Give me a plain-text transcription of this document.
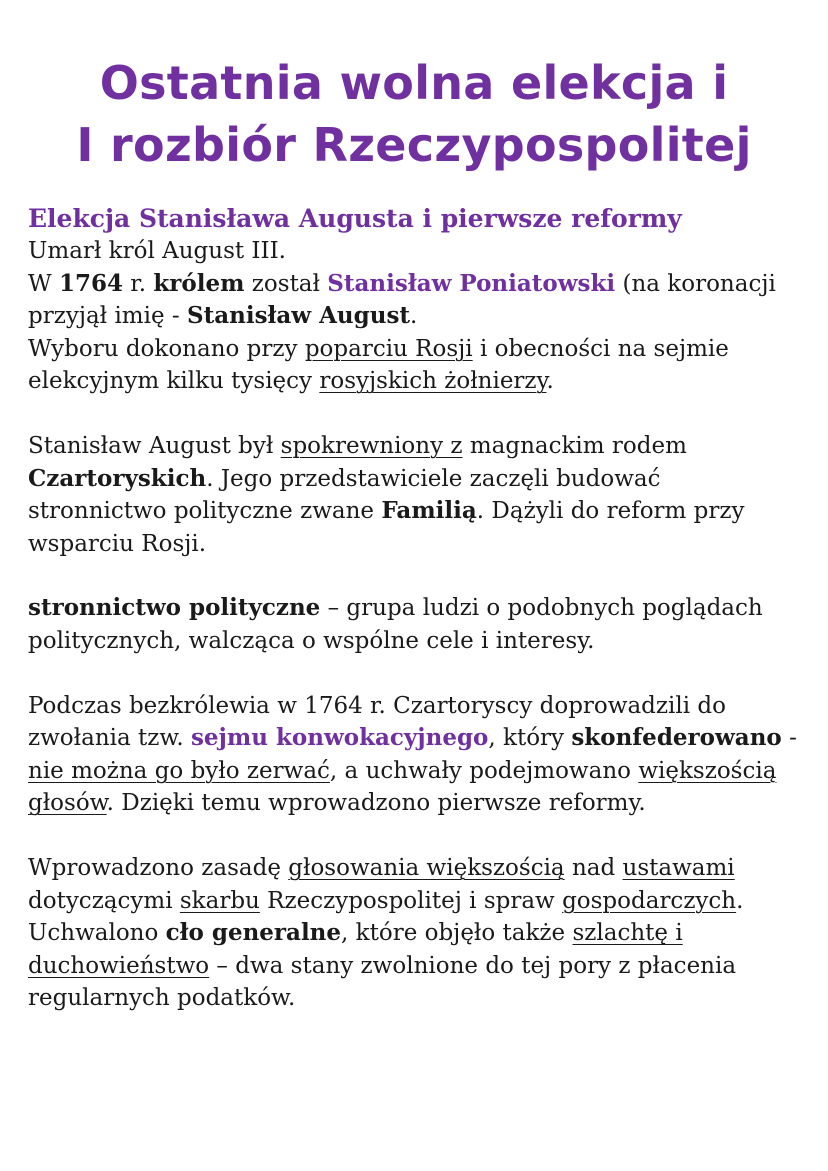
Ostatnia wolna elekcja i
I rozbiór Rzeczypospolitej
Elekcja Stanisława Augusta i pierwsze reformy

Umarł król August III.
W 1764 r. królem został Stanisław Poniatowski (na koronacji przyjął imię - Stanisław August.
Wyboru dokonano przy poparciu Rosji i obecności na sejmie elekcyjnym kilku tysięcy rosyjskich żołnierzy.

Stanisław August był spokrewniony z magnackim rodem Czartoryskich. Jego przedstawiciele zaczęli budować stronnictwo polityczne zwane Familią. Dążyli do reform przy wsparciu Rosji.

stronnictwo polityczne – grupa ludzi o podobnych poglądach politycznych, walcząca o wspólne cele i interesy.

Podczas bezkrólewia w 1764 r. Czartoryscy doprowadzili do zwołania tzw. sejmu konwokacyjnego, który skonfederowano - nie można go było zerwać, a uchwały podejmowano większością głosów. Dzięki temu wprowadzono pierwsze reformy.

Wprowadzono zasadę głosowania większością nad ustawami dotyczącymi skarbu Rzeczypospolitej i spraw gospodarczych.
Uchwalono cło generalne, które objęło także szlachtę i duchowieństwo – dwa stany zwolnione do tej pory z płacenia regularnych podatków.
